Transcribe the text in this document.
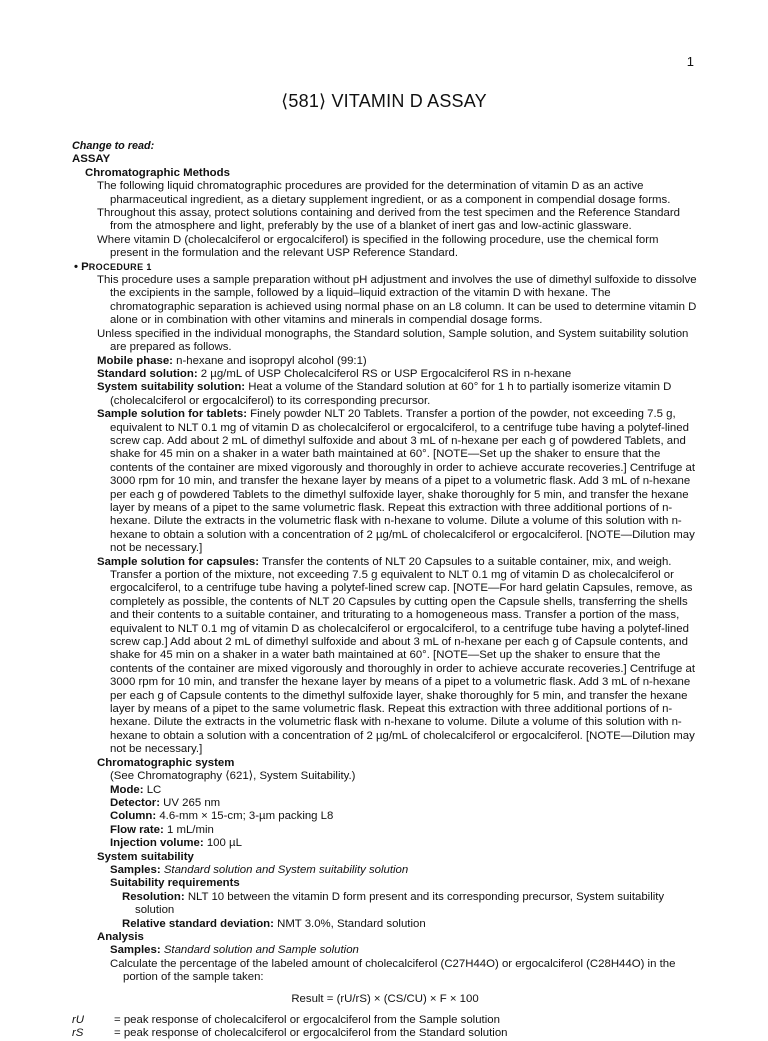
1
⟨581⟩ VITAMIN D ASSAY
Change to read:
ASSAY
Chromatographic Methods
The following liquid chromatographic procedures are provided for the determination of vitamin D as an active pharmaceutical ingredient, as a dietary supplement ingredient, or as a component in compendial dosage forms.
Throughout this assay, protect solutions containing and derived from the test specimen and the Reference Standard from the atmosphere and light, preferably by the use of a blanket of inert gas and low-actinic glassware.
Where vitamin D (cholecalciferol or ergocalciferol) is specified in the following procedure, use the chemical form present in the formulation and the relevant USP Reference Standard.
• PROCEDURE 1
This procedure uses a sample preparation without pH adjustment and involves the use of dimethyl sulfoxide to dissolve the excipients in the sample, followed by a liquid–liquid extraction of the vitamin D with hexane. The chromatographic separation is achieved using normal phase on an L8 column. It can be used to determine vitamin D alone or in combination with other vitamins and minerals in compendial dosage forms.
Unless specified in the individual monographs, the Standard solution, Sample solution, and System suitability solution are prepared as follows.
Mobile phase: n-hexane and isopropyl alcohol (99:1)
Standard solution: 2 µg/mL of USP Cholecalciferol RS or USP Ergocalciferol RS in n-hexane
System suitability solution: Heat a volume of the Standard solution at 60° for 1 h to partially isomerize vitamin D (cholecalciferol or ergocalciferol) to its corresponding precursor.
Sample solution for tablets: Finely powder NLT 20 Tablets. Transfer a portion of the powder, not exceeding 7.5 g, equivalent to NLT 0.1 mg of vitamin D as cholecalciferol or ergocalciferol, to a centrifuge tube having a polytef-lined screw cap. Add about 2 mL of dimethyl sulfoxide and about 3 mL of n-hexane per each g of powdered Tablets, and shake for 45 min on a shaker in a water bath maintained at 60°. [NOTE—Set up the shaker to ensure that the contents of the container are mixed vigorously and thoroughly in order to achieve accurate recoveries.] Centrifuge at 3000 rpm for 10 min, and transfer the hexane layer by means of a pipet to a volumetric flask. Add 3 mL of n-hexane per each g of powdered Tablets to the dimethyl sulfoxide layer, shake thoroughly for 5 min, and transfer the hexane layer by means of a pipet to the same volumetric flask. Repeat this extraction with three additional portions of n-hexane. Dilute the extracts in the volumetric flask with n-hexane to volume. Dilute a volume of this solution with n-hexane to obtain a solution with a concentration of 2 µg/mL of cholecalciferol or ergocalciferol. [NOTE—Dilution may not be necessary.]
Sample solution for capsules: Transfer the contents of NLT 20 Capsules to a suitable container, mix, and weigh. Transfer a portion of the mixture, not exceeding 7.5 g equivalent to NLT 0.1 mg of vitamin D as cholecalciferol or ergocalciferol, to a centrifuge tube having a polytef-lined screw cap. [NOTE—For hard gelatin Capsules, remove, as completely as possible, the contents of NLT 20 Capsules by cutting open the Capsule shells, transferring the shells and their contents to a suitable container, and triturating to a homogeneous mass. Transfer a portion of the mass, equivalent to NLT 0.1 mg of vitamin D as cholecalciferol or ergocalciferol, to a centrifuge tube having a polytef-lined screw cap.] Add about 2 mL of dimethyl sulfoxide and about 3 mL of n-hexane per each g of Capsule contents, and shake for 45 min on a shaker in a water bath maintained at 60°. [NOTE—Set up the shaker to ensure that the contents of the container are mixed vigorously and thoroughly in order to achieve accurate recoveries.] Centrifuge at 3000 rpm for 10 min, and transfer the hexane layer by means of a pipet to a volumetric flask. Add 3 mL of n-hexane per each g of Capsule contents to the dimethyl sulfoxide layer, shake thoroughly for 5 min, and transfer the hexane layer by means of a pipet to the same volumetric flask. Repeat this extraction with three additional portions of n-hexane. Dilute the extracts in the volumetric flask with n-hexane to volume. Dilute a volume of this solution with n-hexane to obtain a solution with a concentration of 2 µg/mL of cholecalciferol or ergocalciferol. [NOTE—Dilution may not be necessary.]
Chromatographic system
(See Chromatography ⟨621⟩, System Suitability.)
Mode: LC
Detector: UV 265 nm
Column: 4.6-mm × 15-cm; 3-µm packing L8
Flow rate: 1 mL/min
Injection volume: 100 µL
System suitability
Samples: Standard solution and System suitability solution
Suitability requirements
Resolution: NLT 10 between the vitamin D form present and its corresponding precursor, System suitability solution
Relative standard deviation: NMT 3.0%, Standard solution
Analysis
Samples: Standard solution and Sample solution
Calculate the percentage of the labeled amount of cholecalciferol (C27H44O) or ergocalciferol (C28H44O) in the portion of the sample taken:
Result = (rU/rS) × (CS/CU) × F × 100
rU	= peak response of cholecalciferol or ergocalciferol from the Sample solution
rS	= peak response of cholecalciferol or ergocalciferol from the Standard solution
